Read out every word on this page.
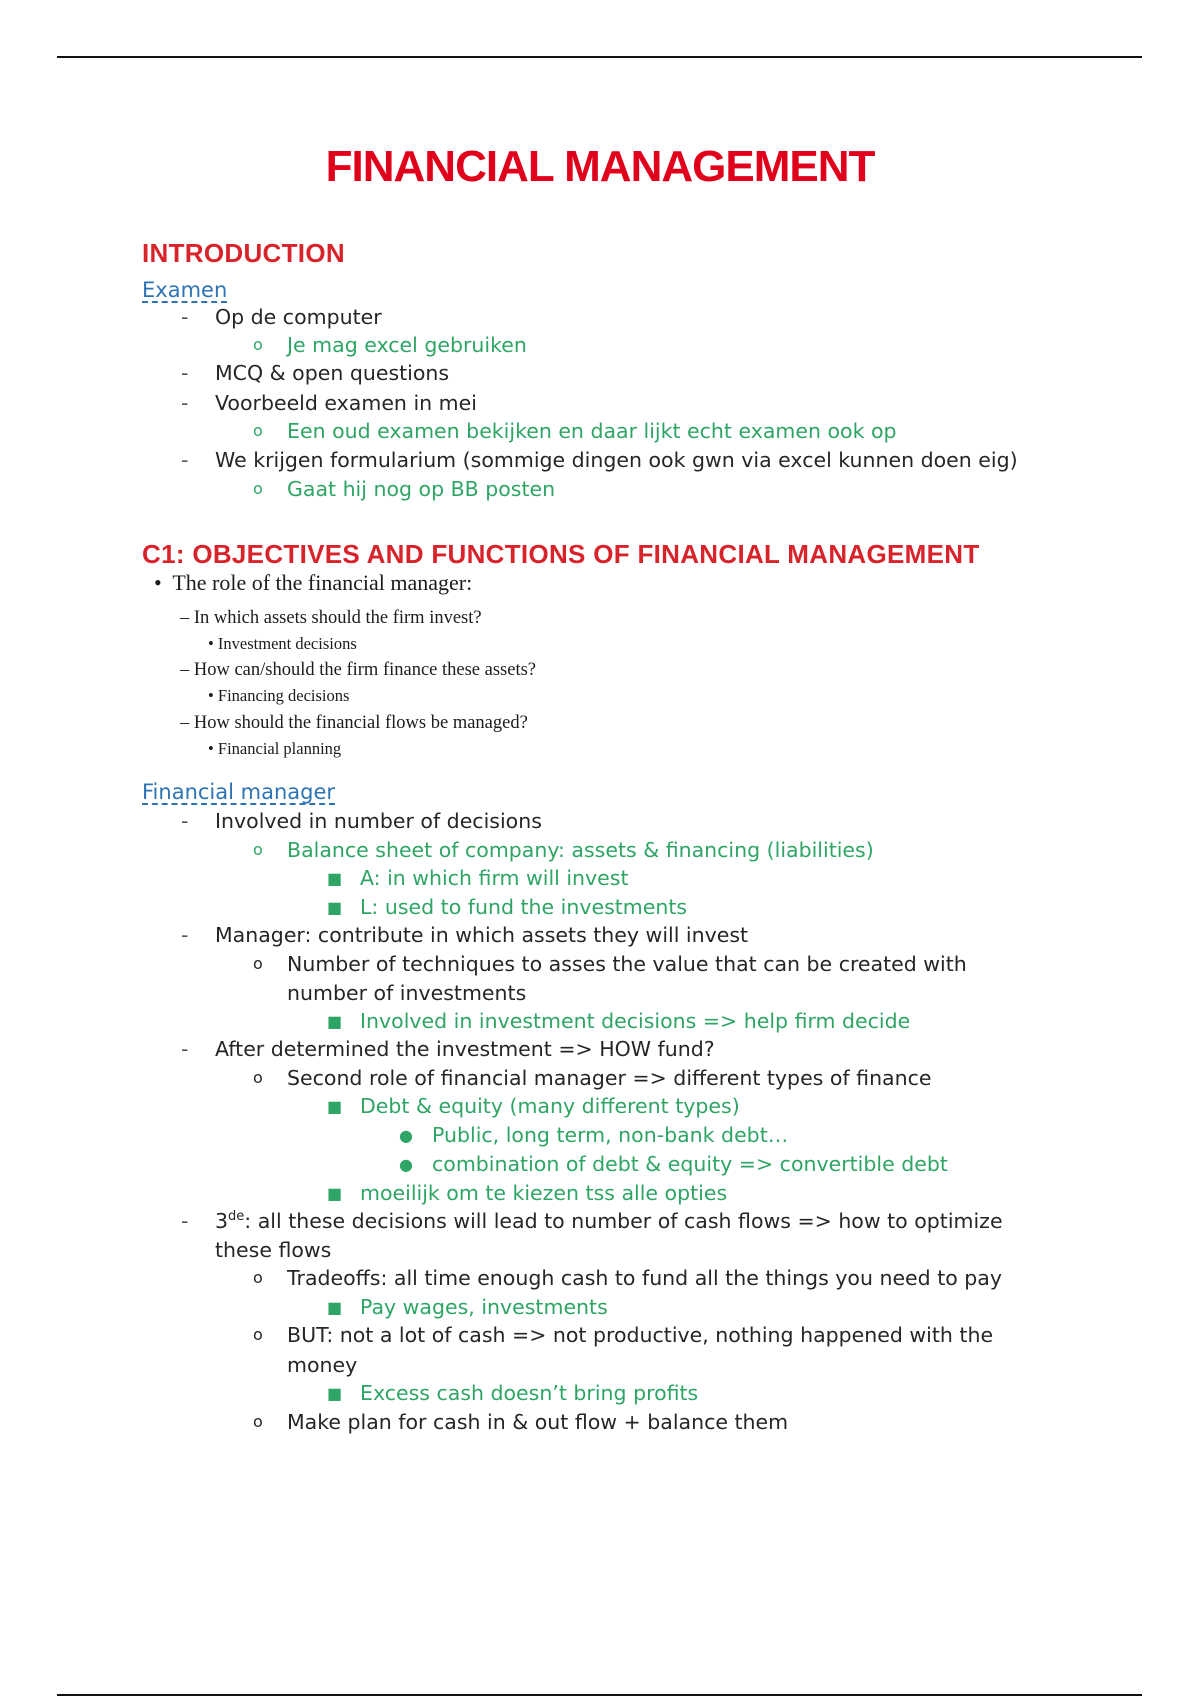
FINANCIAL MANAGEMENT
INTRODUCTION
Examen
- Op de computer
o Je mag excel gebruiken
- MCQ & open questions
- Voorbeeld examen in mei
o Een oud examen bekijken en daar lijkt echt examen ook op
- We krijgen formularium (sommige dingen ook gwn via excel kunnen doen eig)
o Gaat hij nog op BB posten
C1: OBJECTIVES AND FUNCTIONS OF FINANCIAL MANAGEMENT
•  The role of the financial manager:
– In which assets should the firm invest?
• Investment decisions
– How can/should the firm finance these assets?
• Financing decisions
– How should the financial flows be managed?
• Financial planning
Financial manager
- Involved in number of decisions
o Balance sheet of company: assets & financing (liabilities)
■ A: in which firm will invest
■ L: used to fund the investments
- Manager: contribute in which assets they will invest
o Number of techniques to asses the value that can be created with
number of investments
■ Involved in investment decisions => help firm decide
- After determined the investment => HOW fund?
o Second role of financial manager => different types of finance
■ Debt & equity (many different types)
● Public, long term, non-bank debt…
● combination of debt & equity => convertible debt
■ moeilijk om te kiezen tss alle opties
- 3de: all these decisions will lead to number of cash flows => how to optimize
these flows
o Tradeoffs: all time enough cash to fund all the things you need to pay
■ Pay wages, investments
o BUT: not a lot of cash => not productive, nothing happened with the
money
■ Excess cash doesn’t bring profits
o Make plan for cash in & out flow + balance them
